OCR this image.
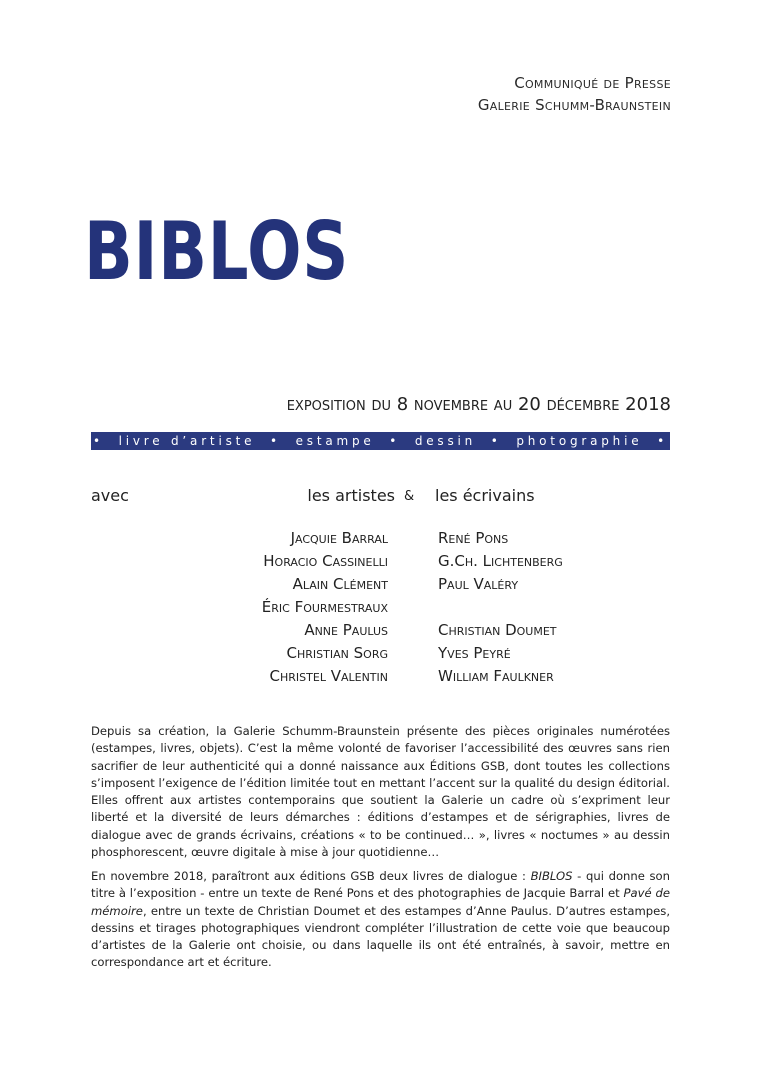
Communiqué de Presse
Galerie Schumm-Braunstein
BIBLOS
exposition du 8 novembre au 20 décembre 2018
• livre d’artiste • estampe • dessin • photographie •
avec	les artistes & les écrivains
Jacquie Barral
Horacio Cassinelli
Alain Clément
Éric Fourmestraux
Anne Paulus
Christian Sorg
Christel Valentin
René Pons
G.Ch. Lichtenberg
Paul Valéry
Christian Doumet
Yves Peyré
William Faulkner

Depuis sa création, la Galerie Schumm-Braunstein présente des pièces originales numérotées (estampes, livres, objets). C’est la même volonté de favoriser l’accessibilité des œuvres sans rien sacrifier de leur authenticité qui a donné naissance aux Éditions GSB, dont toutes les collections s’imposent l’exigence de l’édition limitée tout en mettant l’accent sur la qualité du design éditorial. Elles offrent aux artistes contemporains que soutient la Galerie un cadre où s’expriment leur liberté et la diversité de leurs démarches : éditions d’estampes et de sérigraphies, livres de dialogue avec de grands écrivains, créations « to be continued… », livres « noctumes » au dessin phosphorescent, œuvre digitale à mise à jour quotidienne…

En novembre 2018, paraîtront aux éditions GSB deux livres de dialogue : BIBLOS - qui donne son titre à l’exposition - entre un texte de René Pons et des photographies de Jacquie Barral et Pavé de mémoire, entre un texte de Christian Doumet et des estampes d’Anne Paulus. D’autres estampes, dessins et tirages photographiques viendront compléter l’illustration de cette voie que beaucoup d’artistes de la Galerie ont choisie, ou dans laquelle ils ont été entraînés, à savoir, mettre en correspondance art et écriture.
